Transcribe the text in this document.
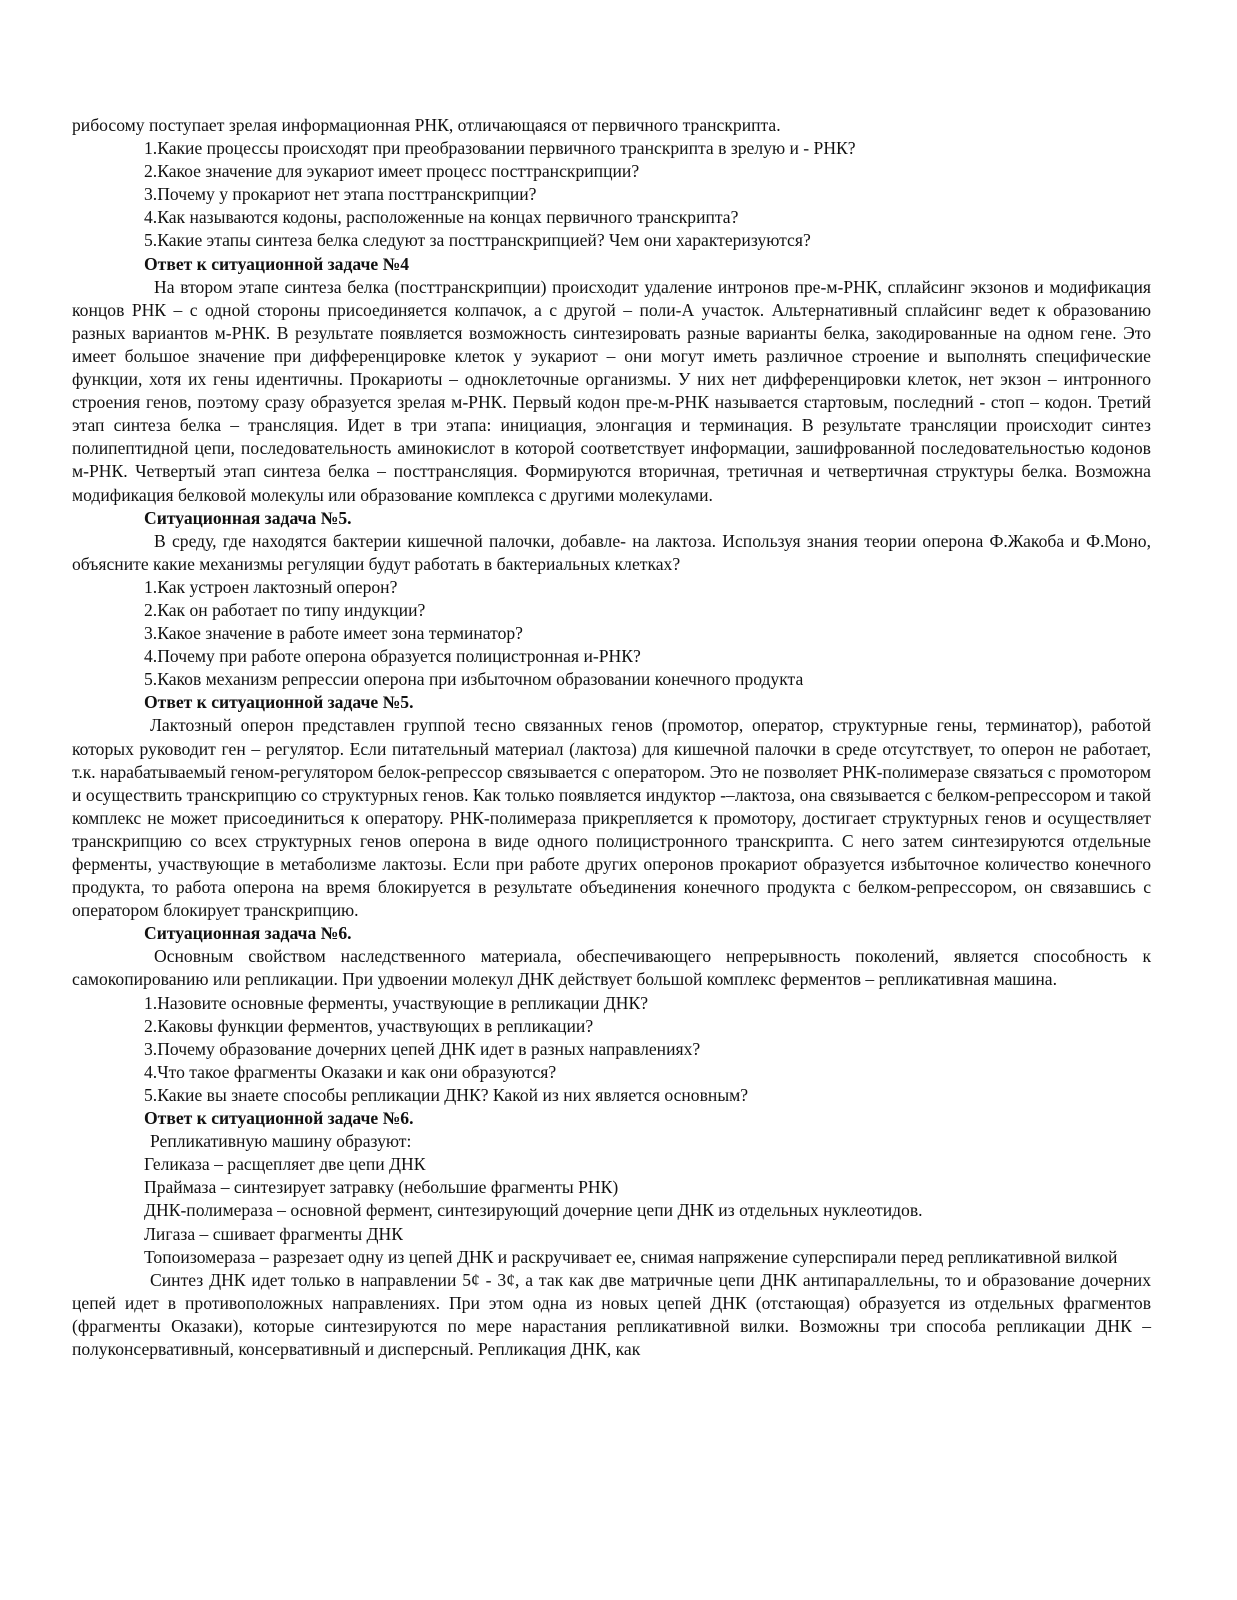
рибосому поступает зрелая информационная РНК, отличающаяся от первичного транскрипта.

1.Какие процессы происходят при преобразовании первичного транскрипта в зрелую и - РНК?

2.Какое значение для эукариот имеет процесс посттранскрипции?

3.Почему у прокариот нет этапа посттранскрипции?

4.Как называются кодоны, расположенные на концах первичного транскрипта?

5.Какие этапы синтеза белка следуют за посттранскрипцией? Чем они характеризуются?

Ответ к ситуационной задаче №4

На втором этапе синтеза белка (посттранскрипции) происходит удаление интронов пре-м-РНК, сплайсинг экзонов и модификация концов РНК – с одной стороны присоединяется колпачок, а с другой – поли-А участок. Альтернативный сплайсинг ведет к образованию разных вариантов м-РНК. В результате появляется возможность синтезировать разные варианты белка, закодированные на одном гене. Это имеет большое значение при дифференцировке клеток у эукариот – они могут иметь различное строение и выполнять специфические функции, хотя их гены идентичны. Прокариоты – одноклеточные организмы. У них нет дифференцировки клеток, нет экзон – интронного строения генов, поэтому сразу образуется зрелая м-РНК. Первый кодон пре-м-РНК называется стартовым, последний - стоп – кодон. Третий этап синтеза белка – трансляция. Идет в три этапа: инициация, элонгация и терминация. В результате трансляции происходит синтез полипептидной цепи, последовательность аминокислот в которой соответствует информации, зашифрованной последовательностью кодонов м-РНК. Четвертый этап синтеза белка – посттрансляция. Формируются вторичная, третичная и четвертичная структуры белка. Возможна модификация белковой молекулы или образование комплекса с другими молекулами.

Ситуационная задача №5.

В среду, где находятся бактерии кишечной палочки, добавле- на лактоза. Используя знания теории оперона Ф.Жакоба и Ф.Моно, объясните какие механизмы регуляции будут работать в бактериальных клетках?

1.Как устроен лактозный оперон?

2.Как он работает по типу индукции?

3.Какое значение в работе имеет зона терминатор?

4.Почему при работе оперона образуется полицистронная и-РНК?

5.Каков механизм репрессии оперона при избыточном образовании конечного продукта

Ответ к ситуационной задаче №5.

Лактозный оперон представлен группой тесно связанных генов (промотор, оператор, структурные гены, терминатор), работой которых руководит ген – регулятор. Если питательный материал (лактоза) для кишечной палочки в среде отсутствует, то оперон не работает, т.к. нарабатываемый геном-регулятором белок-репрессор связывается с оператором. Это не позволяет РНК-полимеразе связаться с промотором и осуществить транскрипцию со структурных генов. Как только появляется индуктор -–лактоза, она связывается с белком-репрессором и такой комплекс не может присоединиться к оператору. РНК-полимераза прикрепляется к промотору, достигает структурных генов и осуществляет транскрипцию со всех структурных генов оперона в виде одного полицистронного транскрипта. С него затем синтезируются отдельные ферменты, участвующие в метаболизме лактозы. Если при работе других оперонов прокариот образуется избыточное количество конечного продукта, то работа оперона на время блокируется в результате объединения конечного продукта с белком-репрессором, он связавшись с оператором блокирует транскрипцию.

Ситуационная задача №6.

Основным свойством наследственного материала, обеспечивающего непрерывность поколений, является способность к самокопированию или репликации. При удвоении молекул ДНК действует большой комплекс ферментов – репликативная машина.

1.Назовите основные ферменты, участвующие в репликации ДНК?

2.Каковы функции ферментов, участвующих в репликации?

3.Почему образование дочерних цепей ДНК идет в разных направлениях?

4.Что такое фрагменты Оказаки и как они образуются?

5.Какие вы знаете способы репликации ДНК? Какой из них является основным?

Ответ к ситуационной задаче №6.

Репликативную машину образуют:

Геликаза – расщепляет две цепи ДНК

Праймаза – синтезирует затравку (небольшие фрагменты РНК)

ДНК-полимераза – основной фермент, синтезирующий дочерние цепи ДНК из отдельных нуклеотидов.

Лигаза – сшивает фрагменты ДНК

Топоизомераза – разрезает одну из цепей ДНК и раскручивает ее, снимая напряжение суперспирали перед репликативной вилкой

Синтез ДНК идет только в направлении 5¢ - 3¢, а так как две матричные цепи ДНК антипараллельны, то и образование дочерних цепей идет в противоположных направлениях. При этом одна из новых цепей ДНК (отстающая) образуется из отдельных фрагментов (фрагменты Оказаки), которые синтезируются по мере нарастания репликативной вилки. Возможны три способа репликации ДНК – полуконсервативный, консервативный и дисперсный. Репликация ДНК, как
